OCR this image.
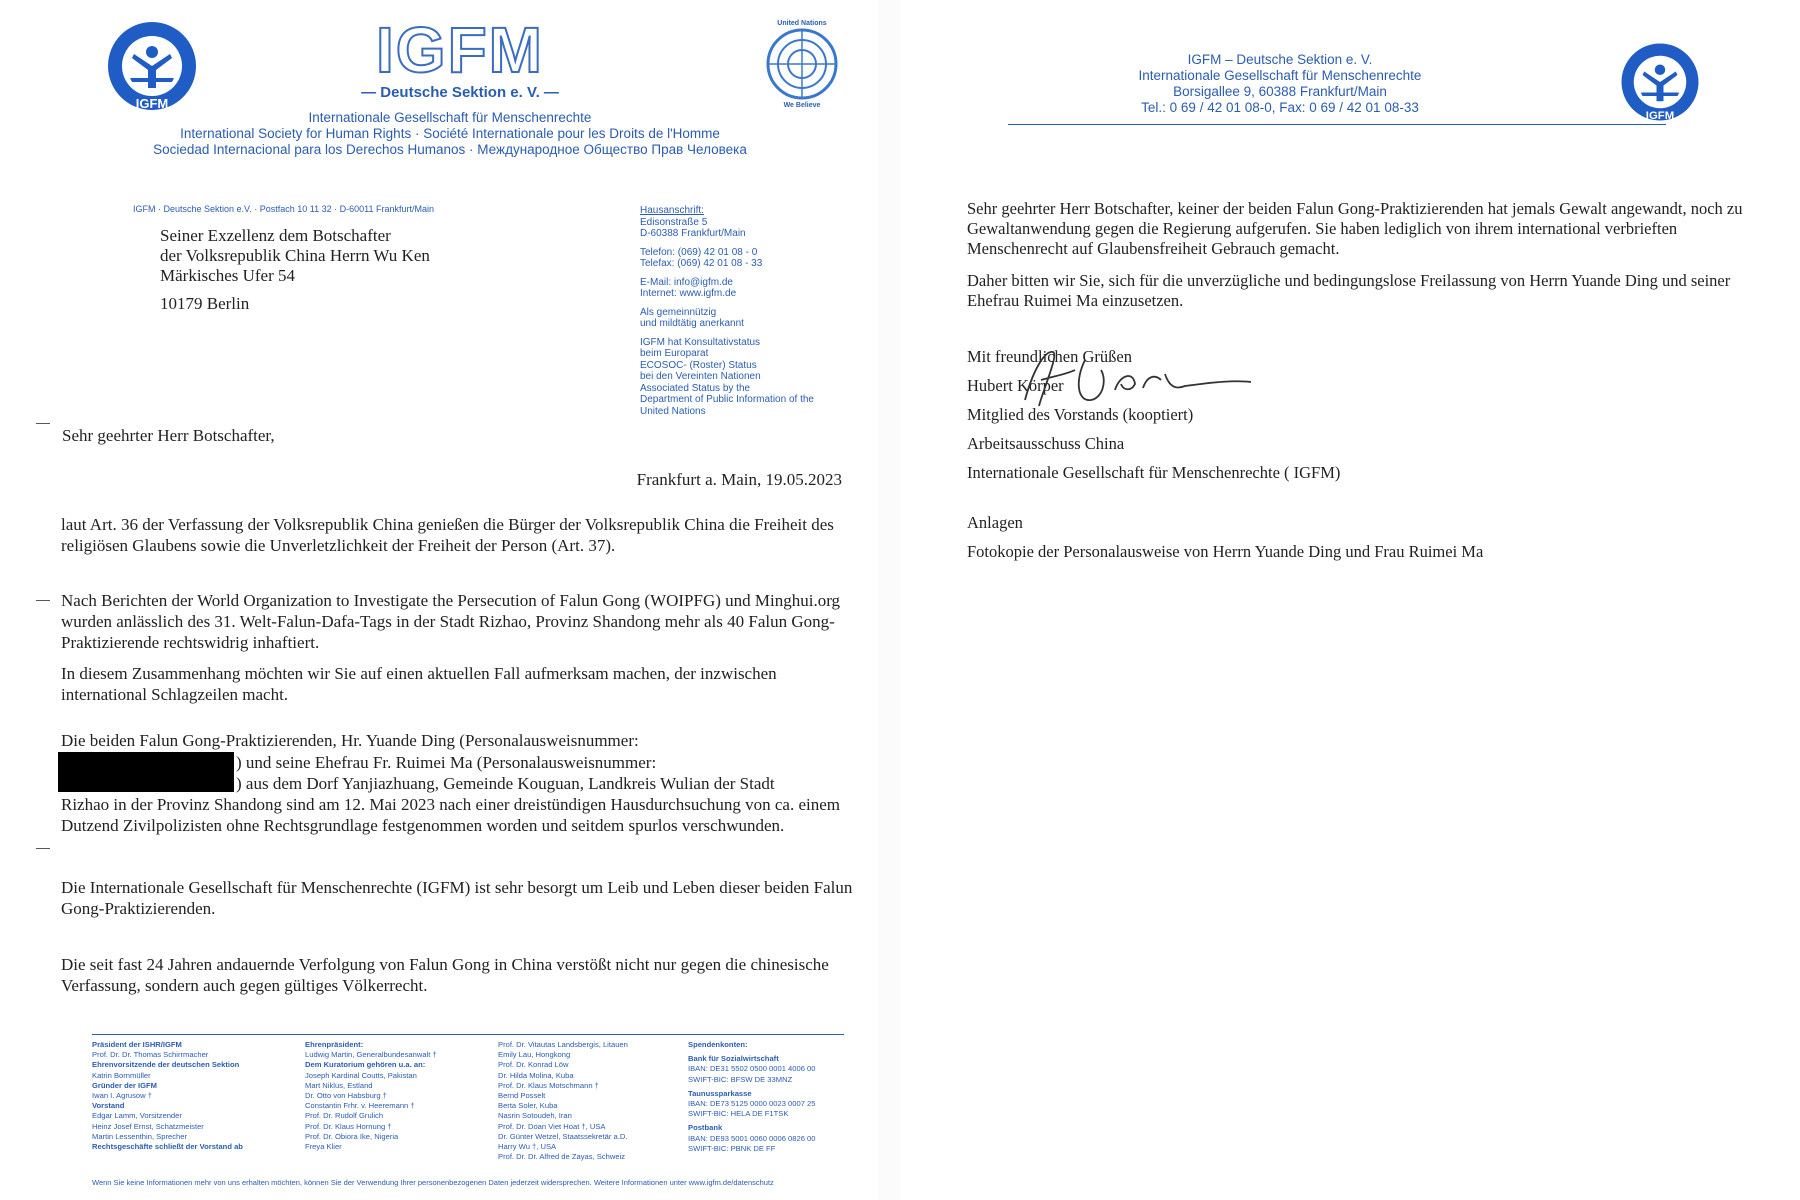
IGFM
IGFM
— Deutsche Sektion e. V. —
Internationale Gesellschaft für Menschenrechte
International Society for Human Rights · Société Internationale pour les Droits de l'Homme
Sociedad Internacional para los Derechos Humanos · Международное Общество Прав Человека
United Nations
We Believe
IGFM · Deutsche Sektion e.V. · Postfach 10 11 32 · D-60011 Frankfurt/Main
Seiner Exzellenz dem Botschafter
der Volksrepublik China Herrn Wu Ken
Märkisches Ufer 54
10179 Berlin
Hausanschrift:
Edisonstraße 5
D-60388 Frankfurt/Main
Telefon: (069) 42 01 08 - 0
Telefax: (069) 42 01 08 - 33
E-Mail: info@igfm.de
Internet: www.igfm.de
Als gemeinnützig
und mildtätig anerkannt
IGFM hat Konsultativstatus
beim Europarat
ECOSOC- (Roster) Status
bei den Vereinten Nationen
Associated Status by the
Department of Public Information of the
United Nations
Sehr geehrter Herr Botschafter,
Frankfurt a. Main, 19.05.2023
laut Art. 36 der Verfassung der Volksrepublik China genießen die Bürger der Volksrepublik China die Freiheit des religiösen Glaubens sowie die Unverletzlichkeit der Freiheit der Person (Art. 37).
Nach Berichten der World Organization to Investigate the Persecution of Falun Gong (WOIPFG) und Minghui.org wurden anlässlich des 31. Welt-Falun-Dafa-Tags in der Stadt Rizhao, Provinz Shandong mehr als 40 Falun Gong-Praktizierende rechtswidrig inhaftiert.
In diesem Zusammenhang möchten wir Sie auf einen aktuellen Fall aufmerksam machen, der inzwischen international Schlagzeilen macht.
Die beiden Falun Gong-Praktizierenden, Hr. Yuande Ding (Personalausweisnummer:
) und seine Ehefrau Fr. Ruimei Ma (Personalausweisnummer:
) aus dem Dorf Yanjiazhuang, Gemeinde Kouguan, Landkreis Wulian der Stadt
Rizhao in der Provinz Shandong sind am 12. Mai 2023 nach einer dreistündigen Hausdurchsuchung von ca. einem Dutzend Zivilpolizisten ohne Rechtsgrundlage festgenommen worden und seitdem spurlos verschwunden.
Die Internationale Gesellschaft für Menschenrechte (IGFM) ist sehr besorgt um Leib und Leben dieser beiden Falun Gong-Praktizierenden.
Die seit fast 24 Jahren andauernde Verfolgung von Falun Gong in China verstößt nicht nur gegen die chinesische Verfassung, sondern auch gegen gültiges Völkerrecht.
Präsident der ISHR/IGFM
Prof. Dr. Dr. Thomas Schirrmacher
Ehrenvorsitzende der deutschen Sektion
Katrin Bornmüller
Gründer der IGFM
Iwan I. Agrusow †
Vorstand
Edgar Lamm, Vorsitzender
Heinz Josef Ernst, Schatzmeister
Martin Lessenthin, Sprecher
Rechtsgeschäfte schließt der Vorstand ab
Ehrenpräsident:
Ludwig Martin, Generalbundesanwalt †
Dem Kuratorium gehören u.a. an:
Joseph Kardinal Coutts, Pakistan
Mart Niklus, Estland
Dr. Otto von Habsburg †
Constantin Frhr. v. Heeremann †
Prof. Dr. Rudolf Grulich
Prof. Dr. Klaus Hornung †
Prof. Dr. Obiora Ike, Nigeria
Freya Klier
Prof. Dr. Vitautas Landsbergis, Litauen
Emily Lau, Hongkong
Prof. Dr. Konrad Löw
Dr. Hilda Molina, Kuba
Prof. Dr. Klaus Motschmann †
Bernd Posselt
Berta Soler, Kuba
Nasrin Sotoudeh, Iran
Prof. Dr. Doan Viet Hoat †, USA
Dr. Günter Wetzel, Staatssekretär a.D.
Harry Wu †, USA
Prof. Dr. Dr. Alfred de Zayas, Schweiz
Spendenkonten:
Bank für Sozialwirtschaft
IBAN: DE31 5502 0500 0001 4006 00
SWIFT-BIC: BFSW DE 33MNZ
Taunussparkasse
IBAN: DE73 5125 0000 0023 0007 25
SWIFT-BIC: HELA DE F1TSK
Postbank
IBAN: DE93 5001 0060 0006 0826 00
SWIFT-BIC: PBNK DE FF
Wenn Sie keine Informationen mehr von uns erhalten möchten, können Sie der Verwendung Ihrer personenbezogenen Daten jederzeit widersprechen. Weitere Informationen unter www.igfm.de/datenschutz
IGFM – Deutsche Sektion e. V.
Internationale Gesellschaft für Menschenrechte
Borsigallee 9, 60388 Frankfurt/Main
Tel.: 0 69 / 42 01 08-0, Fax: 0 69 / 42 01 08-33
IGFM
Sehr geehrter Herr Botschafter, keiner der beiden Falun Gong-Praktizierenden hat jemals Gewalt angewandt, noch zu Gewaltanwendung gegen die Regierung aufgerufen. Sie haben lediglich von ihrem international verbrieften Menschenrecht auf Glaubensfreiheit Gebrauch gemacht.
Daher bitten wir Sie, sich für die unverzügliche und bedingungslose Freilassung von Herrn Yuande Ding und seiner Ehefrau Ruimei Ma einzusetzen.
Mit freundlichen Grüßen
Hubert Körper
Mitglied des Vorstands (kooptiert)
Arbeitsausschuss China
Internationale Gesellschaft für Menschenrechte ( IGFM)
Anlagen
Fotokopie der Personalausweise von Herrn Yuande Ding und Frau Ruimei Ma
